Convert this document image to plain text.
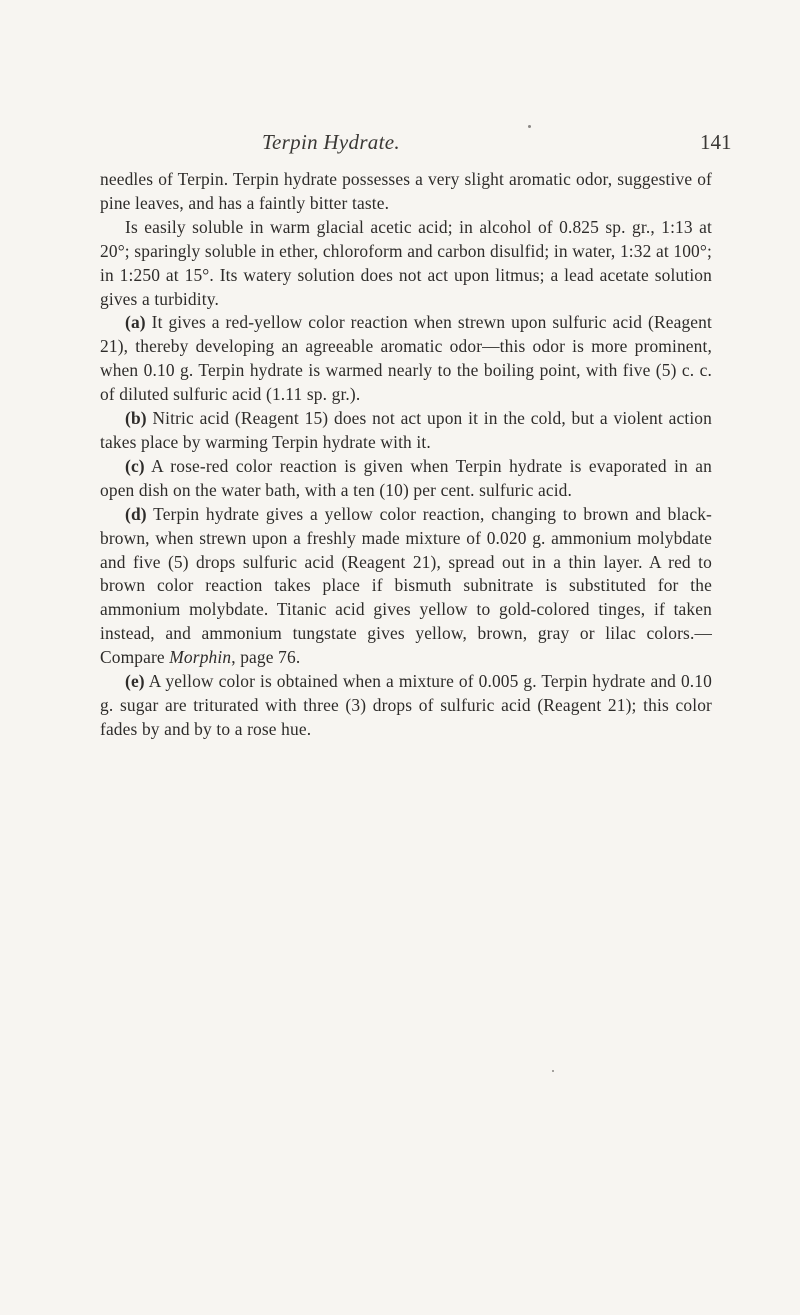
Terpin Hydrate.	141

needles of Terpin. Terpin hydrate possesses a very slight aromatic odor, suggestive of pine leaves, and has a faintly bitter taste.

Is easily soluble in warm glacial acetic acid; in alcohol of 0.825 sp. gr., 1:13 at 20°; sparingly soluble in ether, chloroform and carbon disulfid; in water, 1:32 at 100°; in 1:250 at 15°. Its watery solution does not act upon litmus; a lead acetate solution gives a turbidity.

(a) It gives a red-yellow color reaction when strewn upon sulfuric acid (Reagent 21), thereby developing an agreeable aromatic odor—this odor is more prominent, when 0.10 g. Terpin hydrate is warmed nearly to the boiling point, with five (5) c. c. of diluted sulfuric acid (1.11 sp. gr.).

(b) Nitric acid (Reagent 15) does not act upon it in the cold, but a violent action takes place by warming Terpin hydrate with it.

(c) A rose-red color reaction is given when Terpin hydrate is evaporated in an open dish on the water bath, with a ten (10) per cent. sulfuric acid.

(d) Terpin hydrate gives a yellow color reaction, changing to brown and black-brown, when strewn upon a freshly made mixture of 0.020 g. ammonium molybdate and five (5) drops sulfuric acid (Reagent 21), spread out in a thin layer. A red to brown color reaction takes place if bismuth subnitrate is substituted for the ammonium molybdate. Titanic acid gives yellow to gold-colored tinges, if taken instead, and ammonium tungstate gives yellow, brown, gray or lilac colors.—Compare Morphin, page 76.

(e) A yellow color is obtained when a mixture of 0.005 g. Terpin hydrate and 0.10 g. sugar are triturated with three (3) drops of sulfuric acid (Reagent 21); this color fades by and by to a rose hue.
